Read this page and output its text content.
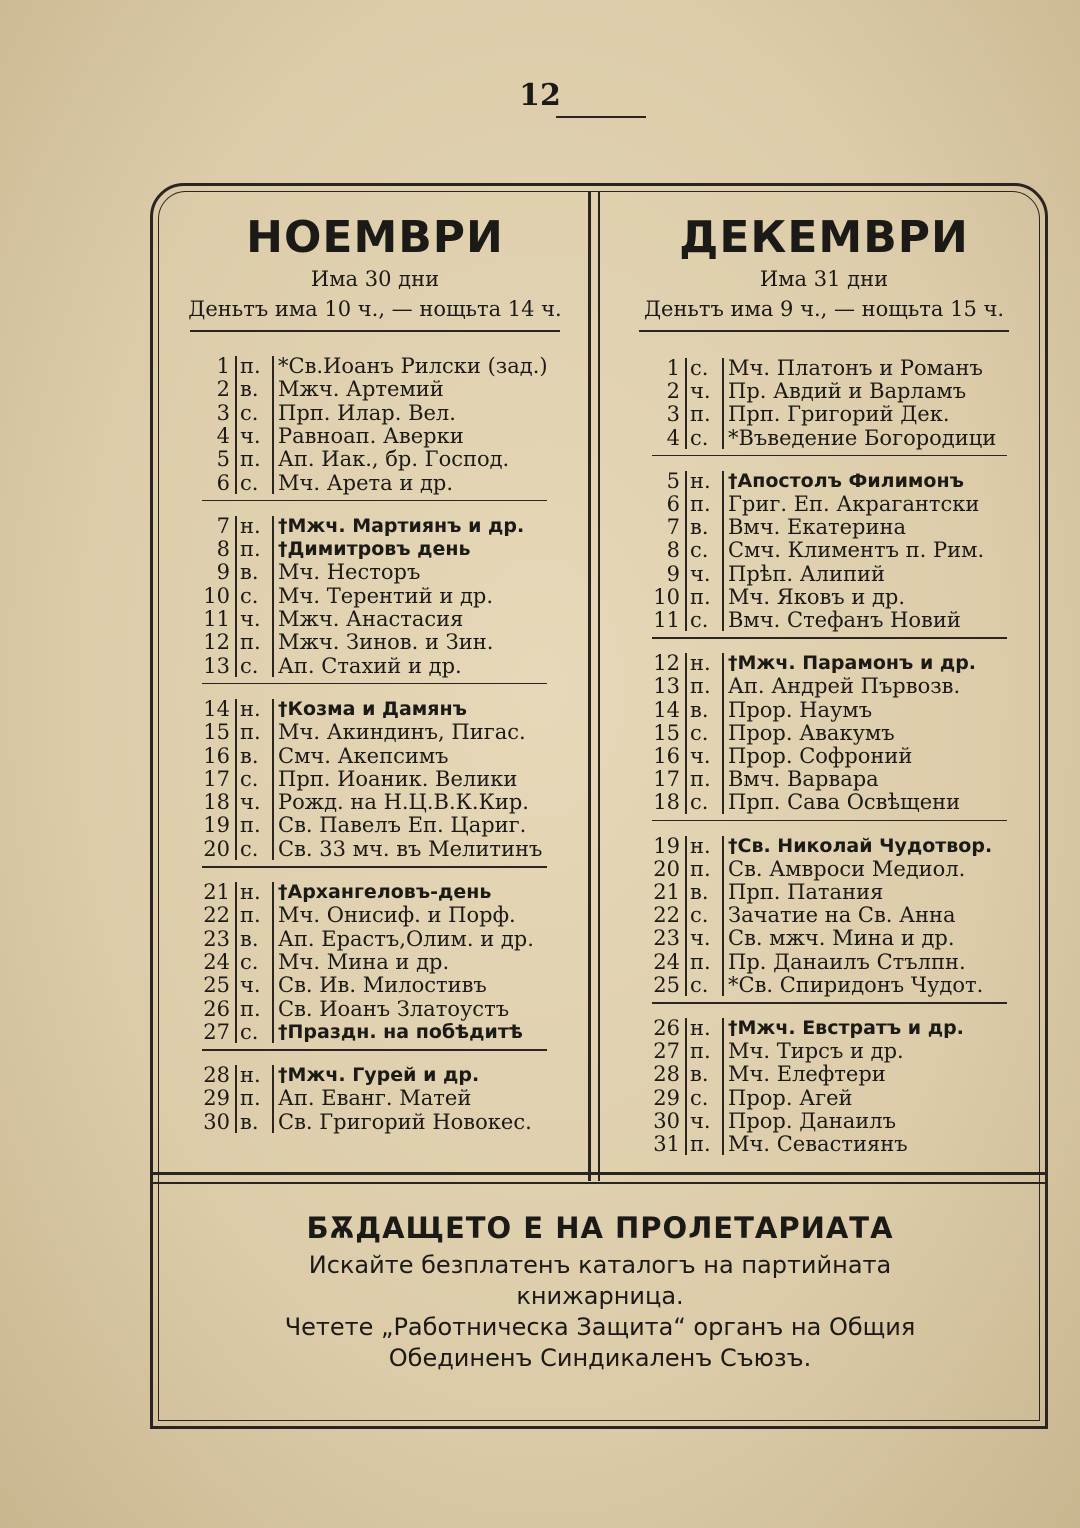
12
НОЕМВРИ
Има 30 дни
Деньтъ има 10 ч., — нощьта 14 ч.
ДЕКЕМВРИ
Има 31 дни
Деньтъ има 9 ч., — нощьта 15 ч.
1 п. *Св.Иоанъ Рилски (зад.)
2 в. Мжч. Артемий
3 с. Прп. Илар. Вел.
4 ч. Равноап. Аверки
5 п. Ап. Иак., бр. Господ.
6 с. Мч. Арета и др.
7 н. †Мжч. Мартиянъ и др.
8 п. †Димитровъ день
9 в. Мч. Несторъ
10 с. Мч. Терентий и др.
11 ч. Мжч. Анастасия
12 п. Мжч. Зинов. и Зин.
13 с. Ап. Стахий и др.
14 н. †Козма и Дамянъ
15 п. Мч. Акиндинъ, Пигас.
16 в. Смч. Акепсимъ
17 с. Прп. Иоаник. Велики
18 ч. Рожд. на Н.Ц.В.К.Кир.
19 п. Св. Павелъ Еп. Цариг.
20 с. Св. 33 мч. въ Мелитинъ
21 н. †Архангеловъ-день
22 п. Мч. Онисиф. и Порф.
23 в. Ап. Ерастъ,Олим. и др.
24 с. Мч. Мина и др.
25 ч. Св. Ив. Милостивъ
26 п. Св. Иоанъ Златоустъ
27 с. †Праздн. на побѣдитѣ
28 н. †Мжч. Гурей и др.
29 п. Ап. Еванг. Матей
30 в. Св. Григорий Новокес.
1 с. Мч. Платонъ и Романъ
2 ч. Пр. Авдий и Варламъ
3 п. Прп. Григорий Дек.
4 с. *Въведение Богородици
5 н. †Апостолъ Филимонъ
6 п. Григ. Еп. Акрагантски
7 в. Вмч. Екатерина
8 с. Смч. Климентъ п. Рим.
9 ч. Прѣп. Алипий
10 п. Мч. Яковъ и др.
11 с. Вмч. Стефанъ Новий
12 н. †Мжч. Парамонъ и др.
13 п. Ап. Андрей Първозв.
14 в. Прор. Наумъ
15 с. Прор. Авакумъ
16 ч. Прор. Софроний
17 п. Вмч. Варвара
18 с. Прп. Сава Освѣщени
19 н. †Св. Николай Чудотвор.
20 п. Св. Амвроси Медиол.
21 в. Прп. Патания
22 с. Зачатие на Св. Анна
23 ч. Св. мжч. Мина и др.
24 п. Пр. Данаилъ Стълпн.
25 с. *Св. Спиридонъ Чудот.
26 н. †Мжч. Евстратъ и др.
27 п. Мч. Тирсъ и др.
28 в. Мч. Елефтери
29 с. Прор. Агей
30 ч. Прор. Данаилъ
31 п. Мч. Севастиянъ
БѪДАЩЕТО Е НА ПРОЛЕТАРИАТА
Искайте безплатенъ каталогъ на партийната
книжарница.
Четете „Работническа Защита“ органъ на Общия
Обединенъ Синдикаленъ Съюзъ.
